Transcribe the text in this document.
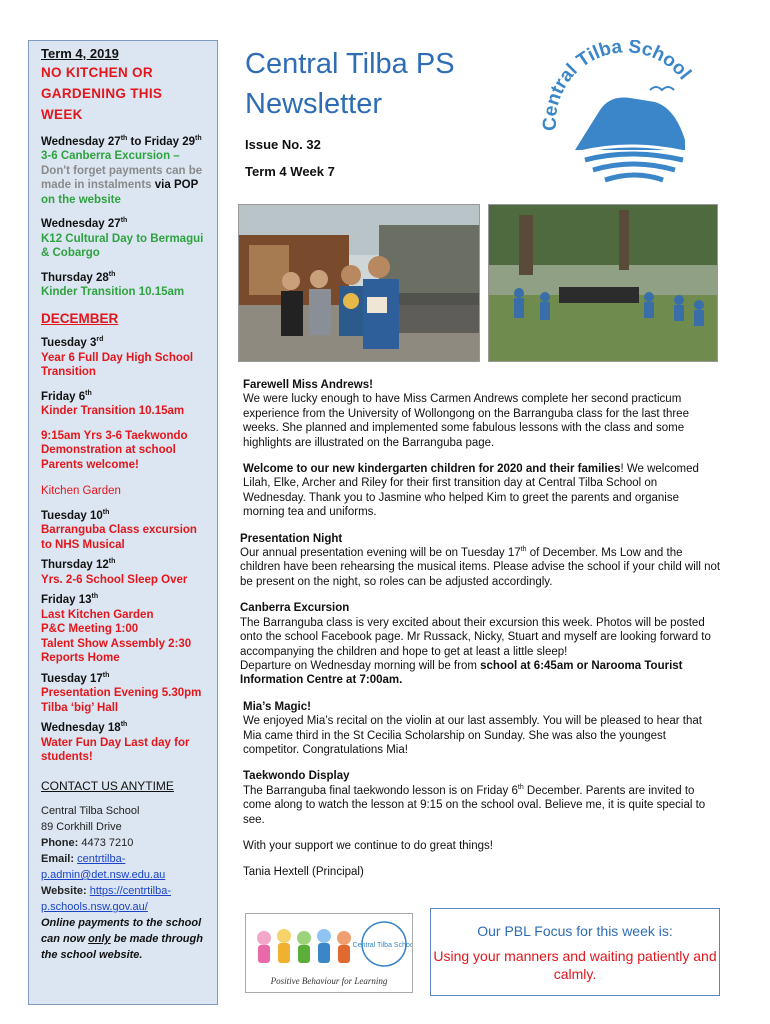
Term 4, 2019
NO KITCHEN OR GARDENING THIS WEEK
Wednesday 27th to Friday 29th
3-6 Canberra Excursion –
Don't forget payments can be made in instalments via POP on the website
Wednesday 27th
K12 Cultural Day to Bermagui & Cobargo
Thursday 28th
Kinder Transition 10.15am
DECEMBER
Tuesday 3rd
Year 6 Full Day High School Transition
Friday 6th
Kinder Transition 10.15am
9:15am Yrs 3-6 Taekwondo Demonstration at school Parents welcome!
Kitchen Garden
Tuesday 10th
Barranguba Class excursion to NHS Musical
Thursday 12th
Yrs. 2-6 School Sleep Over
Friday 13th
Last Kitchen Garden
P&C Meeting 1:00
Talent Show Assembly 2:30
Reports Home
Tuesday 17th
Presentation Evening 5.30pm Tilba ‘big’ Hall
Wednesday 18th
Water Fun Day Last day for students!
CONTACT US ANYTIME
Central Tilba School
89 Corkhill Drive
Phone: 4473 7210
Email: centrtilba-p.admin@det.nsw.edu.au
Website: https://centrtilba-p.schools.nsw.gov.au/
Online payments to the school can now only be made through the school website.
Central Tilba PS
Newsletter
Issue No. 32
Term 4 Week 7
Central Tilba School
Farewell Miss Andrews!

We were lucky enough to have Miss Carmen Andrews complete her second practicum experience from the University of Wollongong on the Barranguba class for the last three weeks. She planned and implemented some fabulous lessons with the class and some highlights are illustrated on the Barranguba page.

Welcome to our new kindergarten children for 2020 and their families! We welcomed Lilah, Elke, Archer and Riley for their first transition day at Central Tilba School on Wednesday. Thank you to Jasmine who helped Kim to greet the parents and organise morning tea and uniforms.

Presentation Night

Our annual presentation evening will be on Tuesday 17th of December. Ms Low and the children have been rehearsing the musical items. Please advise the school if your child will not be present on the night, so roles can be adjusted accordingly.

Canberra Excursion

The Barranguba class is very excited about their excursion this week. Photos will be posted onto the school Facebook page. Mr Russack, Nicky, Stuart and myself are looking forward to accompanying the children and hope to get at least a little sleep!

Departure on Wednesday morning will be from school at 6:45am or Narooma Tourist Information Centre at 7:00am.

Mia’s Magic!

We enjoyed Mia’s recital on the violin at our last assembly. You will be pleased to hear that Mia came third in the St Cecilia Scholarship on Sunday. She was also the youngest competitor. Congratulations Mia!

Taekwondo Display

The Barranguba final taekwondo lesson is on Friday 6th December. Parents are invited to come along to watch the lesson at 9:15 on the school oval. Believe me, it is quite special to see.

With your support we continue to do great things!
Tania Hextell (Principal)
Central Tilba School
Positive Behaviour for Learning
Our PBL Focus for this week is:
Using your manners and waiting patiently and calmly.
